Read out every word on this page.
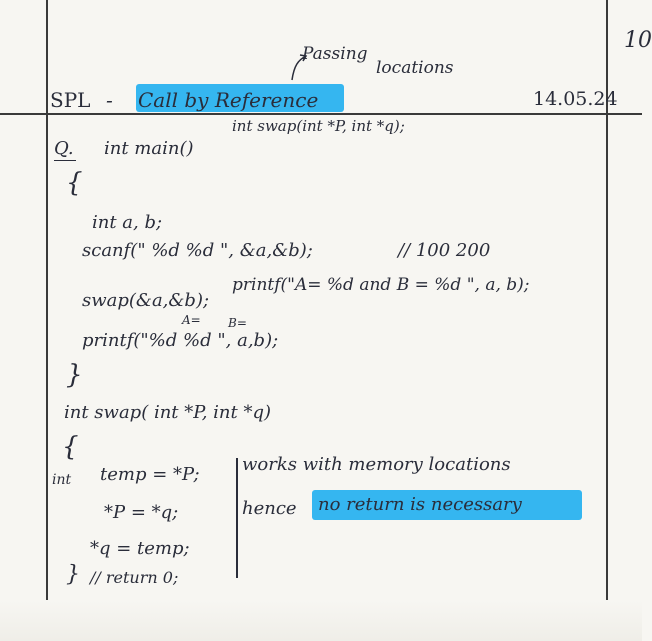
10
SPL - Call by Reference	14.05.24
Passing
locations
int swap(int *P, int *q);
Q. int main()
{
int a, b;
scanf(" %d %d ", &a,&b);	// 100 200
swap(&a,&b);
printf("A= %d and B = %d ", a, b);
A= B=
printf("%d %d ", a,b);
}
int swap( int *P, int *q)
{
int temp = *P;
*P = *q;
*q = temp;
} // return 0;
works with memory locations
hence no return is necessary
